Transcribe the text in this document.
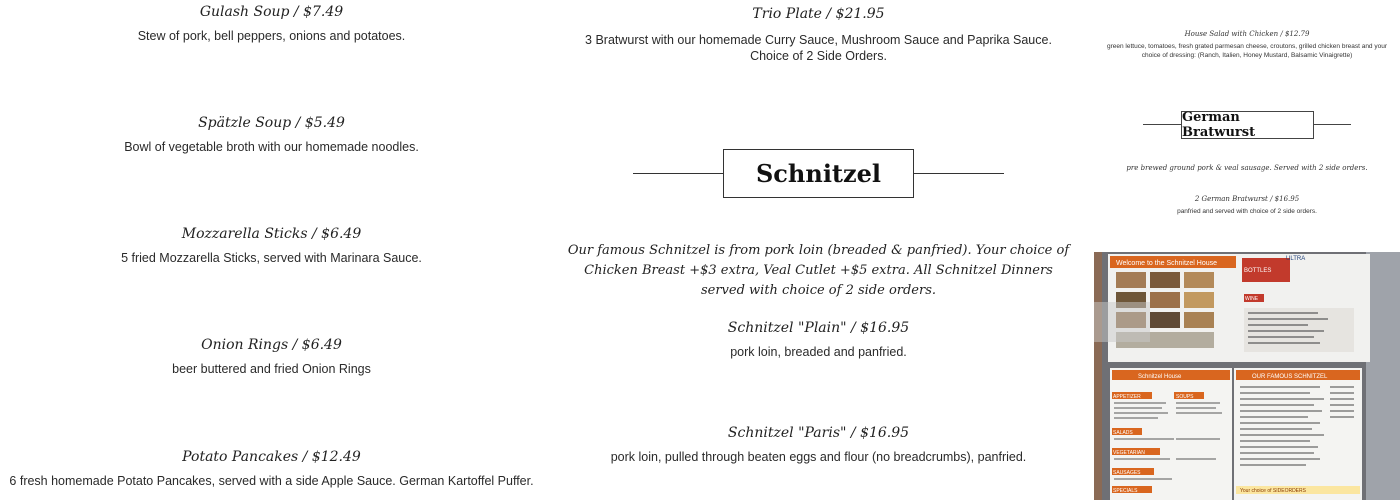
Gulash Soup / $7.49

Stew of pork, bell peppers, onions and potatoes.

Spätzle Soup / $5.49

Bowl of vegetable broth with our homemade noodles.

Mozzarella Sticks / $6.49

5 fried Mozzarella Sticks, served with Marinara Sauce.

Onion Rings / $6.49

beer buttered and fried Onion Rings

Potato Pancakes / $12.49

6 fresh homemade Potato Pancakes, served with a side Apple Sauce. German Kartoffel Puffer.

Trio Plate / $21.95

3 Bratwurst with our homemade Curry Sauce, Mushroom Sauce and Paprika Sauce. Choice of 2 Side Orders.

Schnitzel
Our famous Schnitzel is from pork loin (breaded & panfried). Your choice of Chicken Breast +$3 extra, Veal Cutlet +$5 extra. All Schnitzel Dinners served with choice of 2 side orders.

Schnitzel "Plain" / $16.95

pork loin, breaded and panfried.

Schnitzel "Paris" / $16.95

pork loin, pulled through beaten eggs and flour (no breadcrumbs), panfried.

House Salad with Chicken / $12.79

green lettuce, tomatoes, fresh grated parmesan cheese, croutons, grilled chicken breast and your choice of dressing: (Ranch, Italien, Honey Mustard, Balsamic Vinaigrette)

German Bratwurst

pre brewed ground pork & veal sausage. Served with 2 side orders.

2 German Bratwurst / $16.95

panfried and served with choice of 2 side orders.

Welcome to the Schnitzel House
BOTTLES
ULTRA
WINE
Schnitzel House
APPETIZER	SOUPS
SALADS
VEGETARIAN
SAUSAGES
SPECIALS
OUR FAMOUS SCHNITZEL
Your choice of SIDEORDERS
